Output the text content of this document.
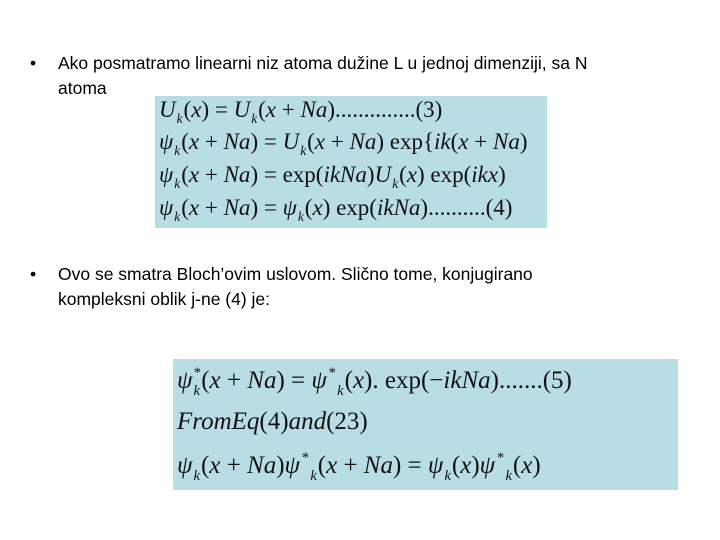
• Ako posmatramo linearni niz atoma dužine L u jednoj dimenziji, sa N
atoma
$U_k(x) = U_k(x + Na)..............(3)$
$\psi_k(x + Na) = U_k(x + Na) \exp\{ik(x + Na)$
$\psi_k(x + Na)$ = $\exp(ikNa)U_k(x)$ exp(ikx)
$\psi_k(x + Na) = \psi_k(x)$ exp(ikNa)..........(4)
• Ovo se smatra Bloch’ovim uslovom. Slično tome, konjugirano
kompleksni oblik j-ne (4) je:
$\psi_k^*(x + Na) = \psi^*_k(x)$. exp(−ikNa).......(5)
FromEq(4)and(23)
$\psi_k(x + Na)\psi^*_k(x + Na) = \psi_k(x)\psi^*_k(x)$
